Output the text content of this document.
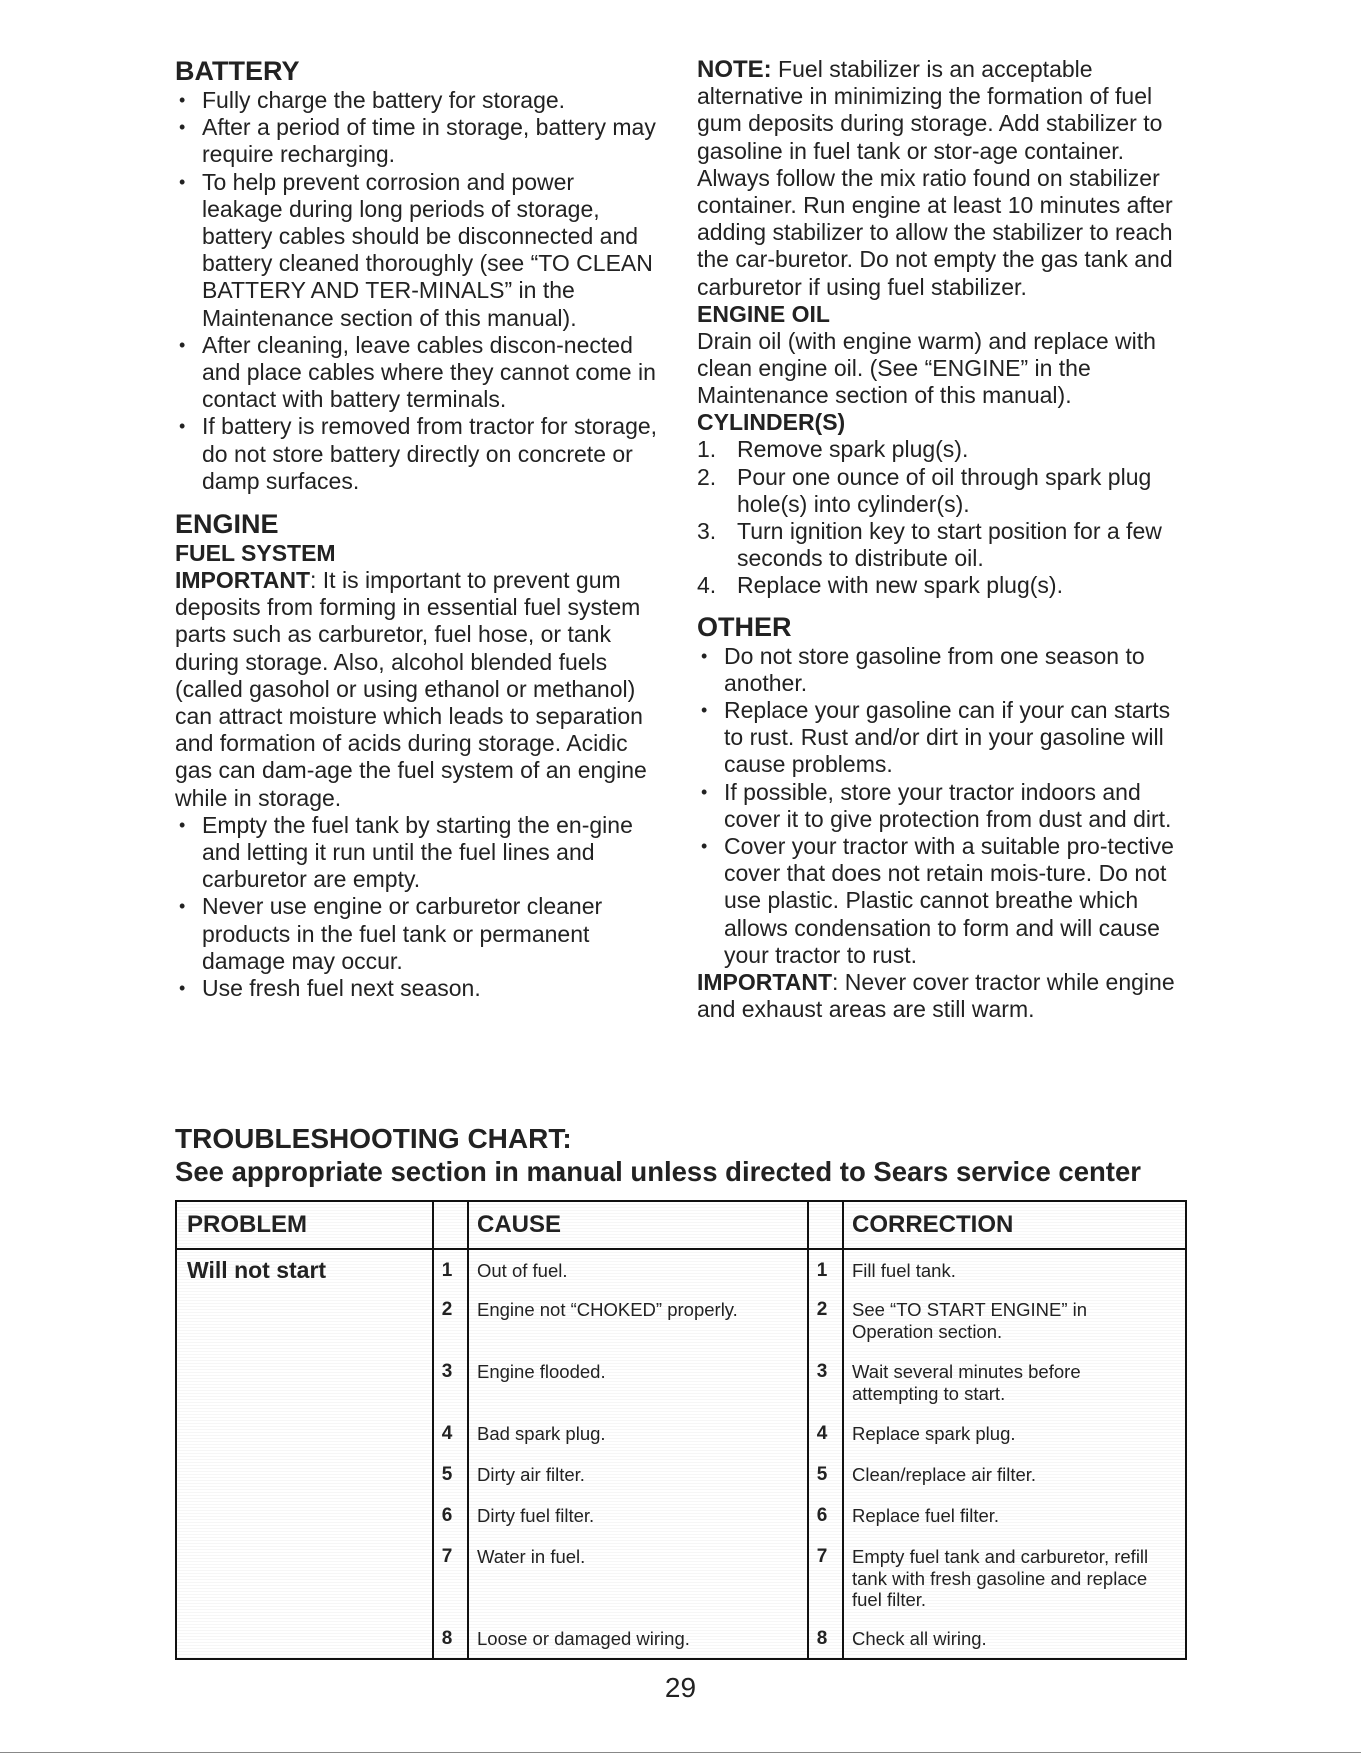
BATTERY
• Fully charge the battery for storage.
• After a period of time in storage, battery may require recharging.
• To help prevent corrosion and power leakage during long periods of storage, battery cables should be disconnected and battery cleaned thoroughly (see “TO CLEAN BATTERY AND TER-MINALS” in the Maintenance section of this manual).
• After cleaning, leave cables discon-nected and place cables where they cannot come in contact with battery terminals.
• If battery is removed from tractor for storage, do not store battery directly on concrete or damp surfaces.
ENGINE
FUEL SYSTEM

IMPORTANT: It is important to prevent gum deposits from forming in essential fuel system parts such as carburetor, fuel hose, or tank during storage. Also, alcohol blended fuels (called gasohol or using ethanol or methanol) can attract moisture which leads to separation and formation of acids during storage. Acidic gas can dam-age the fuel system of an engine while in storage.

• Empty the fuel tank by starting the en-gine and letting it run until the fuel lines and carburetor are empty.
• Never use engine or carburetor cleaner products in the fuel tank or permanent damage may occur.
• Use fresh fuel next season.

NOTE: Fuel stabilizer is an acceptable alternative in minimizing the formation of fuel gum deposits during storage. Add stabilizer to gasoline in fuel tank or stor-age container. Always follow the mix ratio found on stabilizer container. Run engine at least 10 minutes after adding stabilizer to allow the stabilizer to reach the car-buretor. Do not empty the gas tank and carburetor if using fuel stabilizer.

ENGINE OIL

Drain oil (with engine warm) and replace with clean engine oil. (See “ENGINE” in the Maintenance section of this manual).

CYLINDER(S)
1. Remove spark plug(s).
2. Pour one ounce of oil through spark plug hole(s) into cylinder(s).
3. Turn ignition key to start position for a few seconds to distribute oil.
4. Replace with new spark plug(s).
OTHER
• Do not store gasoline from one season to another.
• Replace your gasoline can if your can starts to rust. Rust and/or dirt in your gasoline will cause problems.
• If possible, store your tractor indoors and cover it to give protection from dust and dirt.
• Cover your tractor with a suitable pro-tective cover that does not retain mois-ture. Do not use plastic. Plastic cannot breathe which allows condensation to form and will cause your tractor to rust.

IMPORTANT: Never cover tractor while engine and exhaust areas are still warm.

TROUBLESHOOTING CHART:
See appropriate section in manual unless directed to Sears service center
PROBLEM	CAUSE	CORRECTION
Will not start	1	Out of fuel.	1	Fill fuel tank.
2	Engine not “CHOKED” properly.	2	See “TO START ENGINE” in Operation section.
3	Engine flooded.	3	Wait several minutes before attempting to start.
4	Bad spark plug.	4	Replace spark plug.
5	Dirty air filter.	5	Clean/replace air filter.
6	Dirty fuel filter.	6	Replace fuel filter.
7	Water in fuel.	7	Empty fuel tank and carburetor, refill tank with fresh gasoline and replace fuel filter.
8	Loose or damaged wiring.	8	Check all wiring.
29
